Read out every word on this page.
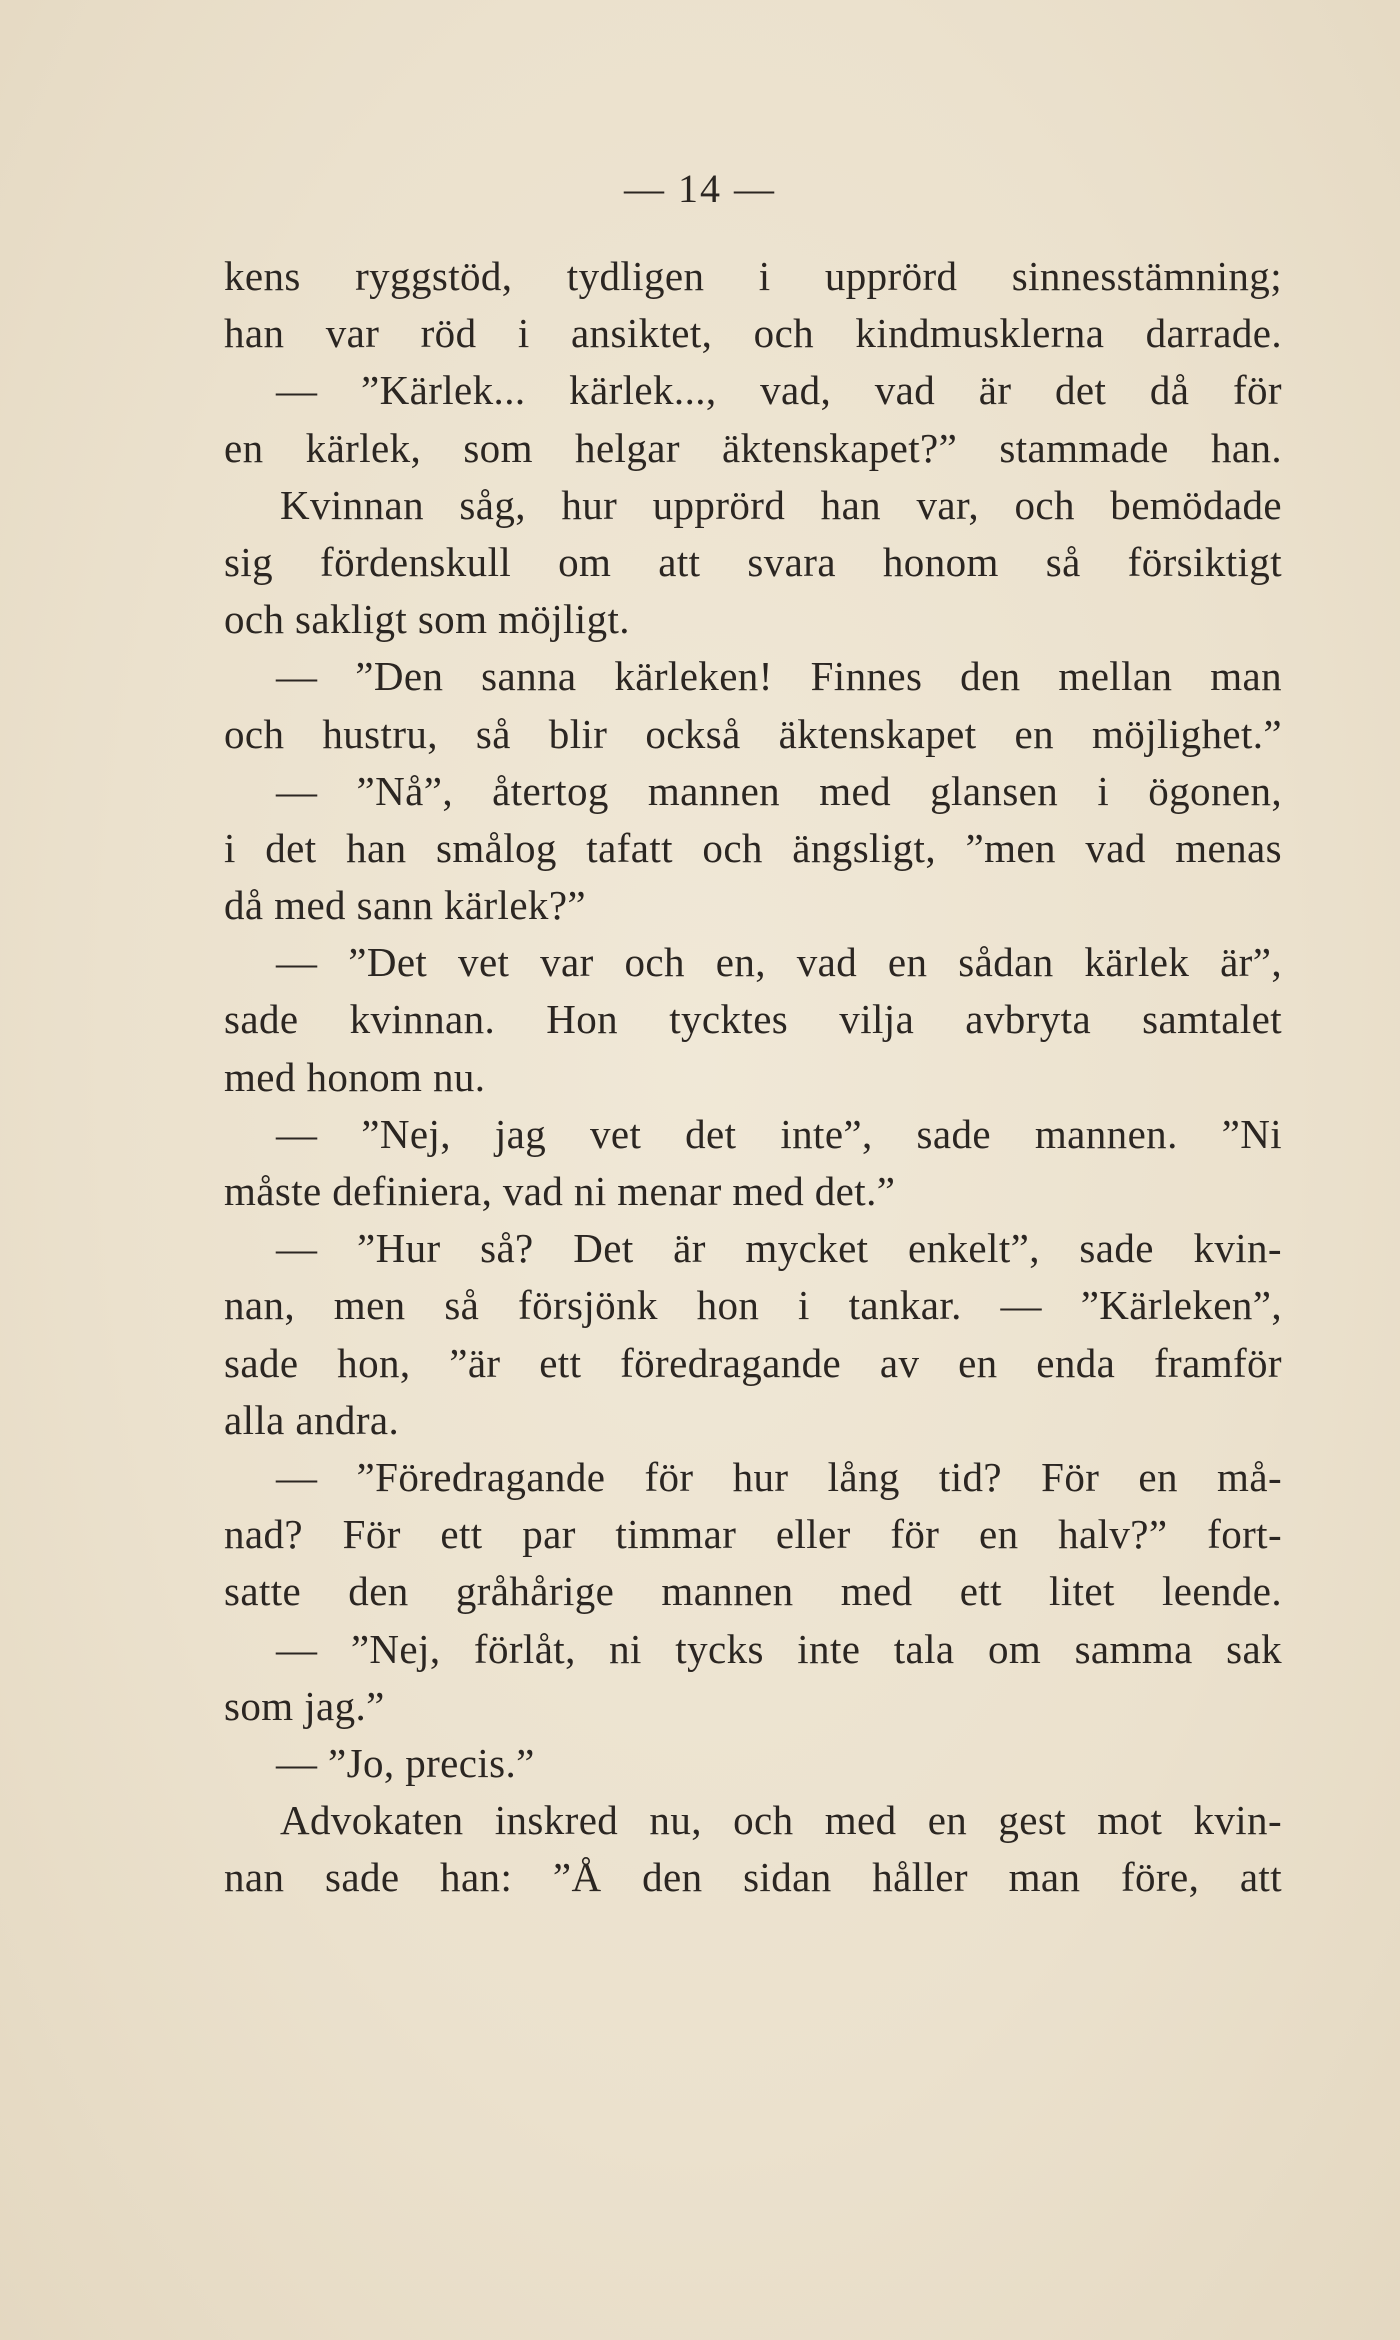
— 14 —
kens ryggstöd, tydligen i upprörd sinnesstämning;
han var röd i ansiktet, och kindmusklerna darrade.
— ”Kärlek... kärlek..., vad, vad är det då för
en kärlek, som helgar äktenskapet?” stammade han.
Kvinnan såg, hur upprörd han var, och bemödade
sig fördenskull om att svara honom så försiktigt
och sakligt som möjligt.
— ”Den sanna kärleken! Finnes den mellan man
och hustru, så blir också äktenskapet en möjlighet.”
— ”Nå”, återtog mannen med glansen i ögonen,
i det han smålog tafatt och ängsligt, ”men vad menas
då med sann kärlek?”
— ”Det vet var och en, vad en sådan kärlek är”,
sade kvinnan. Hon tycktes vilja avbryta samtalet
med honom nu.
— ”Nej, jag vet det inte”, sade mannen. ”Ni
måste definiera, vad ni menar med det.”
— ”Hur så? Det är mycket enkelt”, sade kvin-
nan, men så försjönk hon i tankar. — ”Kärleken”,
sade hon, ”är ett föredragande av en enda framför
alla andra.
— ”Föredragande för hur lång tid? För en må-
nad? För ett par timmar eller för en halv?” fort-
satte den gråhårige mannen med ett litet leende.
— ”Nej, förlåt, ni tycks inte tala om samma sak
som jag.”
— ”Jo, precis.”
Advokaten inskred nu, och med en gest mot kvin-
nan sade han: ”Å den sidan håller man före, att
